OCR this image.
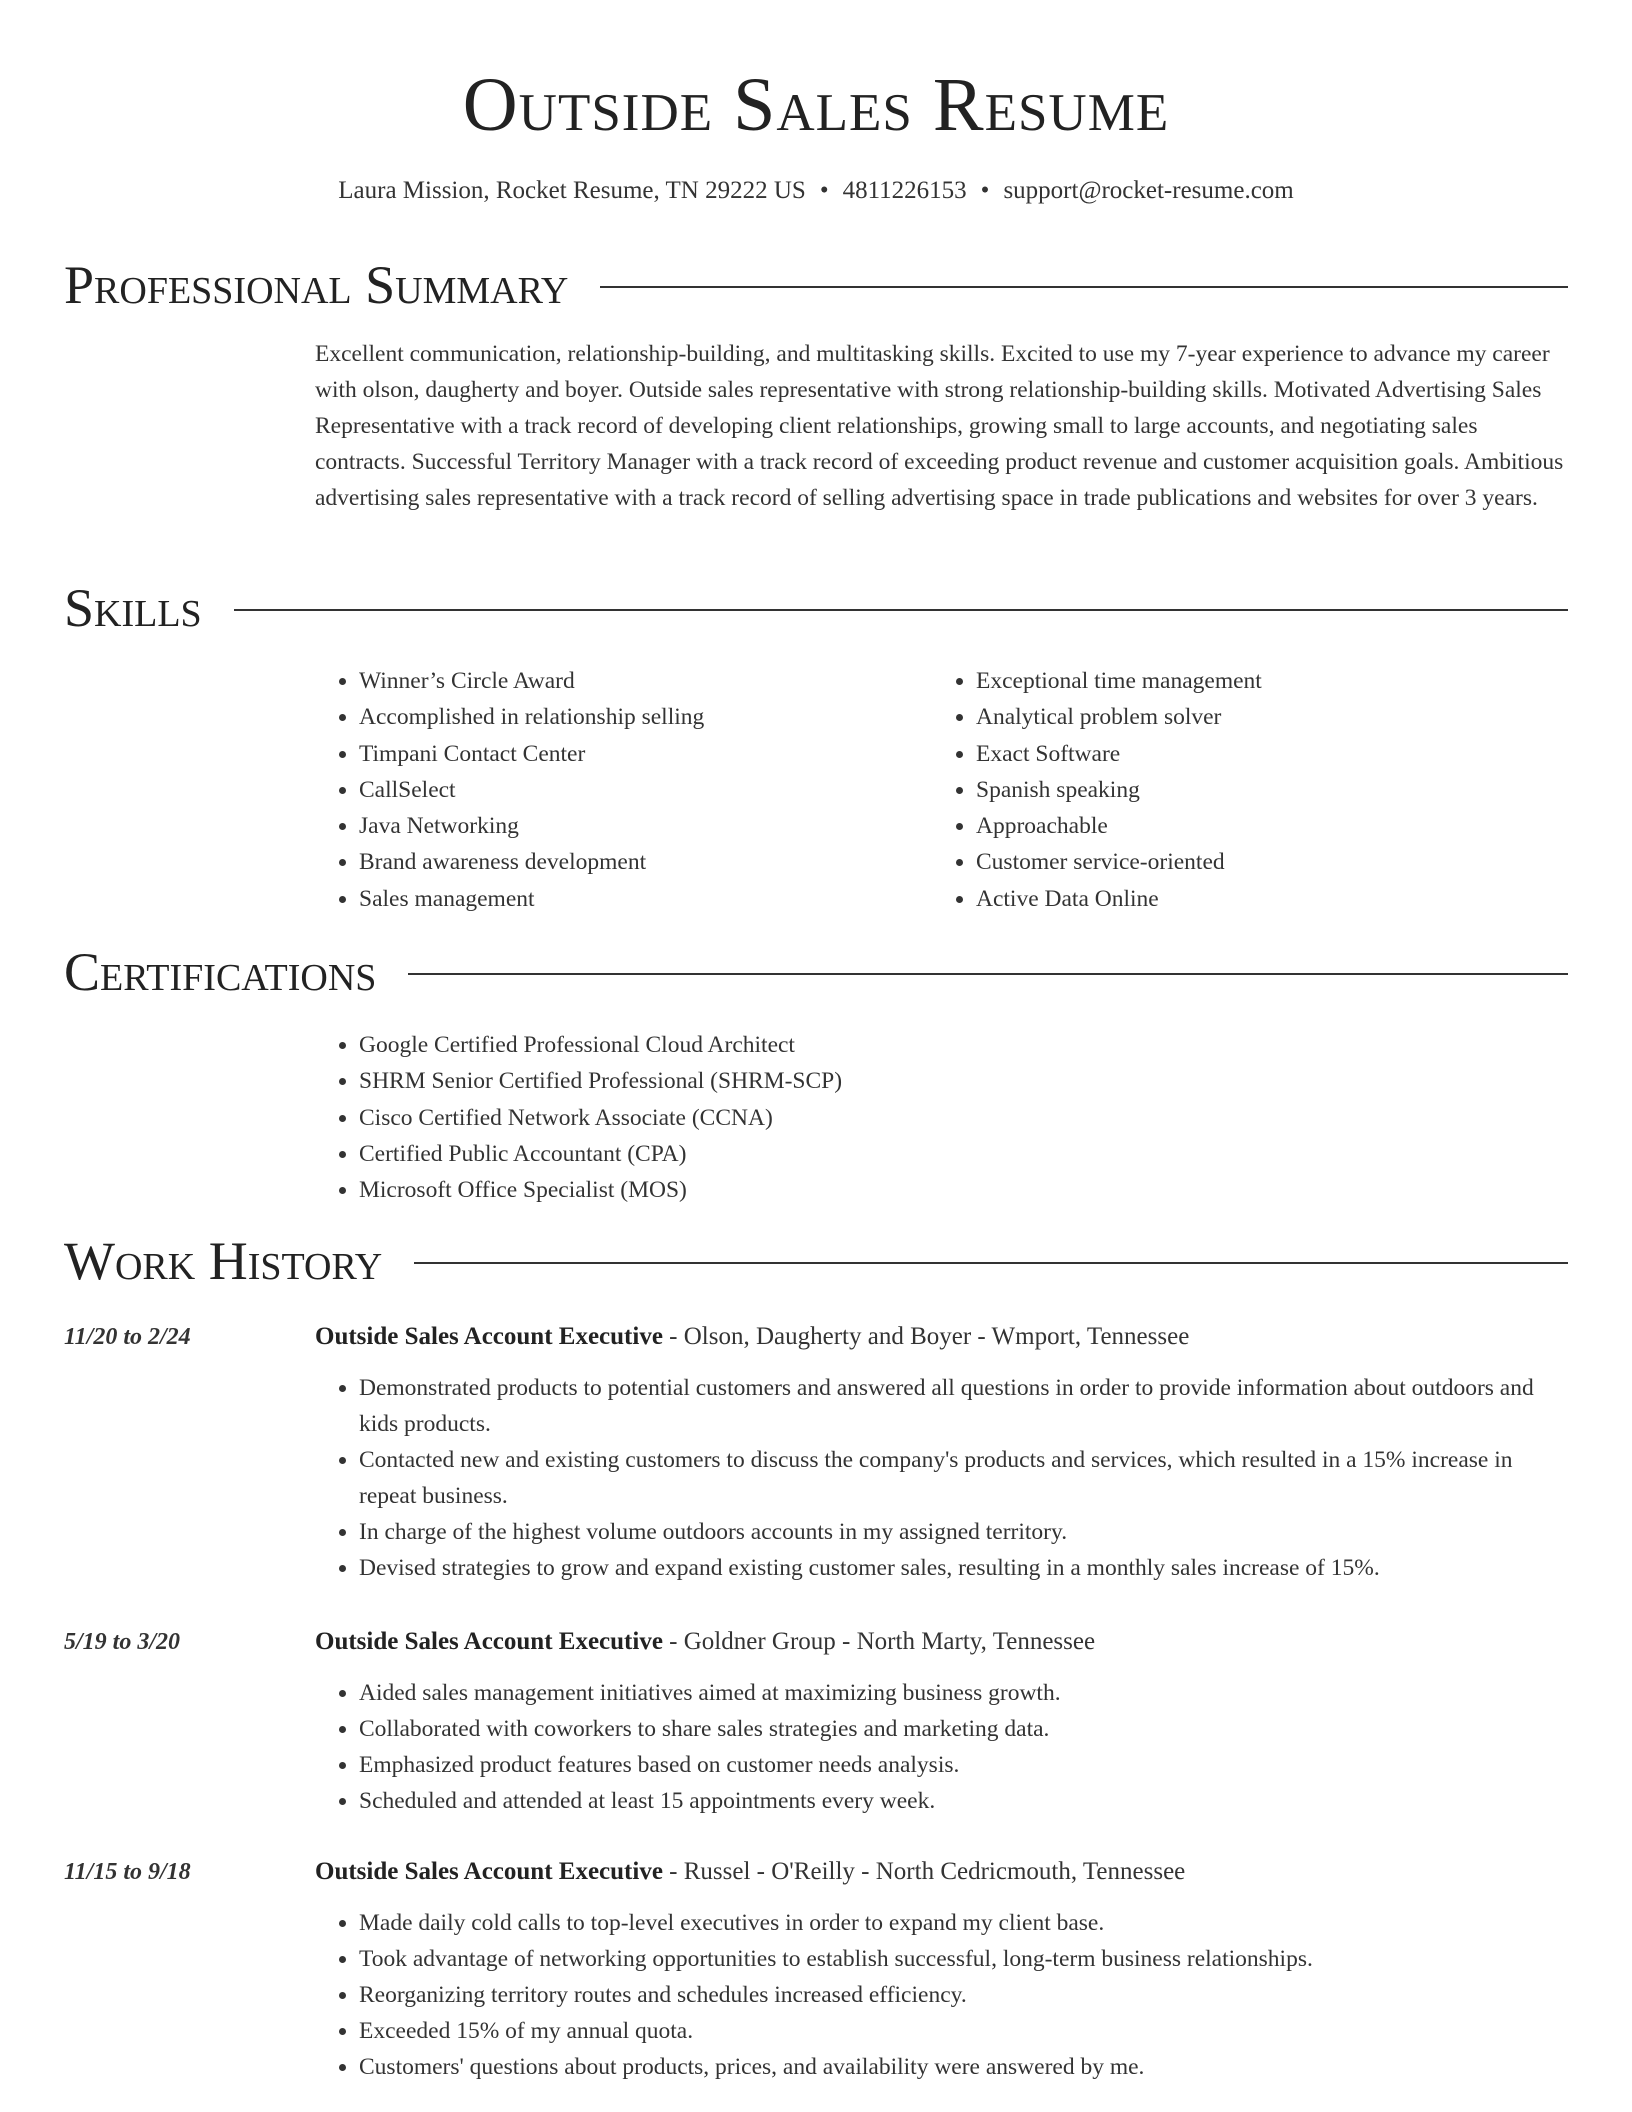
Outside Sales Resume
Laura Mission, Rocket Resume, TN 29222 US • 4811226153 • support@rocket-resume.com
Professional Summary
Excellent communication, relationship-building, and multitasking skills. Excited to use my 7-year experience to advance my career with olson, daugherty and boyer. Outside sales representative with strong relationship-building skills. Motivated Advertising Sales Representative with a track record of developing client relationships, growing small to large accounts, and negotiating sales contracts. Successful Territory Manager with a track record of exceeding product revenue and customer acquisition goals. Ambitious advertising sales representative with a track record of selling advertising space in trade publications and websites for over 3 years.
Skills
• Winner’s Circle Award
• Accomplished in relationship selling
• Timpani Contact Center
• CallSelect
• Java Networking
• Brand awareness development
• Sales management
• Exceptional time management
• Analytical problem solver
• Exact Software
• Spanish speaking
• Approachable
• Customer service-oriented
• Active Data Online
Certifications
• Google Certified Professional Cloud Architect
• SHRM Senior Certified Professional (SHRM-SCP)
• Cisco Certified Network Associate (CCNA)
• Certified Public Accountant (CPA)
• Microsoft Office Specialist (MOS)
Work History
11/20 to 2/24	Outside Sales Account Executive - Olson, Daugherty and Boyer - Wmport, Tennessee
• Demonstrated products to potential customers and answered all questions in order to provide information about outdoors and kids products.
• Contacted new and existing customers to discuss the company's products and services, which resulted in a 15% increase in repeat business.
• In charge of the highest volume outdoors accounts in my assigned territory.
• Devised strategies to grow and expand existing customer sales, resulting in a monthly sales increase of 15%.
5/19 to 3/20	Outside Sales Account Executive - Goldner Group - North Marty, Tennessee
• Aided sales management initiatives aimed at maximizing business growth.
• Collaborated with coworkers to share sales strategies and marketing data.
• Emphasized product features based on customer needs analysis.
• Scheduled and attended at least 15 appointments every week.
11/15 to 9/18	Outside Sales Account Executive - Russel - O'Reilly - North Cedricmouth, Tennessee
• Made daily cold calls to top-level executives in order to expand my client base.
• Took advantage of networking opportunities to establish successful, long-term business relationships.
• Reorganizing territory routes and schedules increased efficiency.
• Exceeded 15% of my annual quota.
• Customers' questions about products, prices, and availability were answered by me.
